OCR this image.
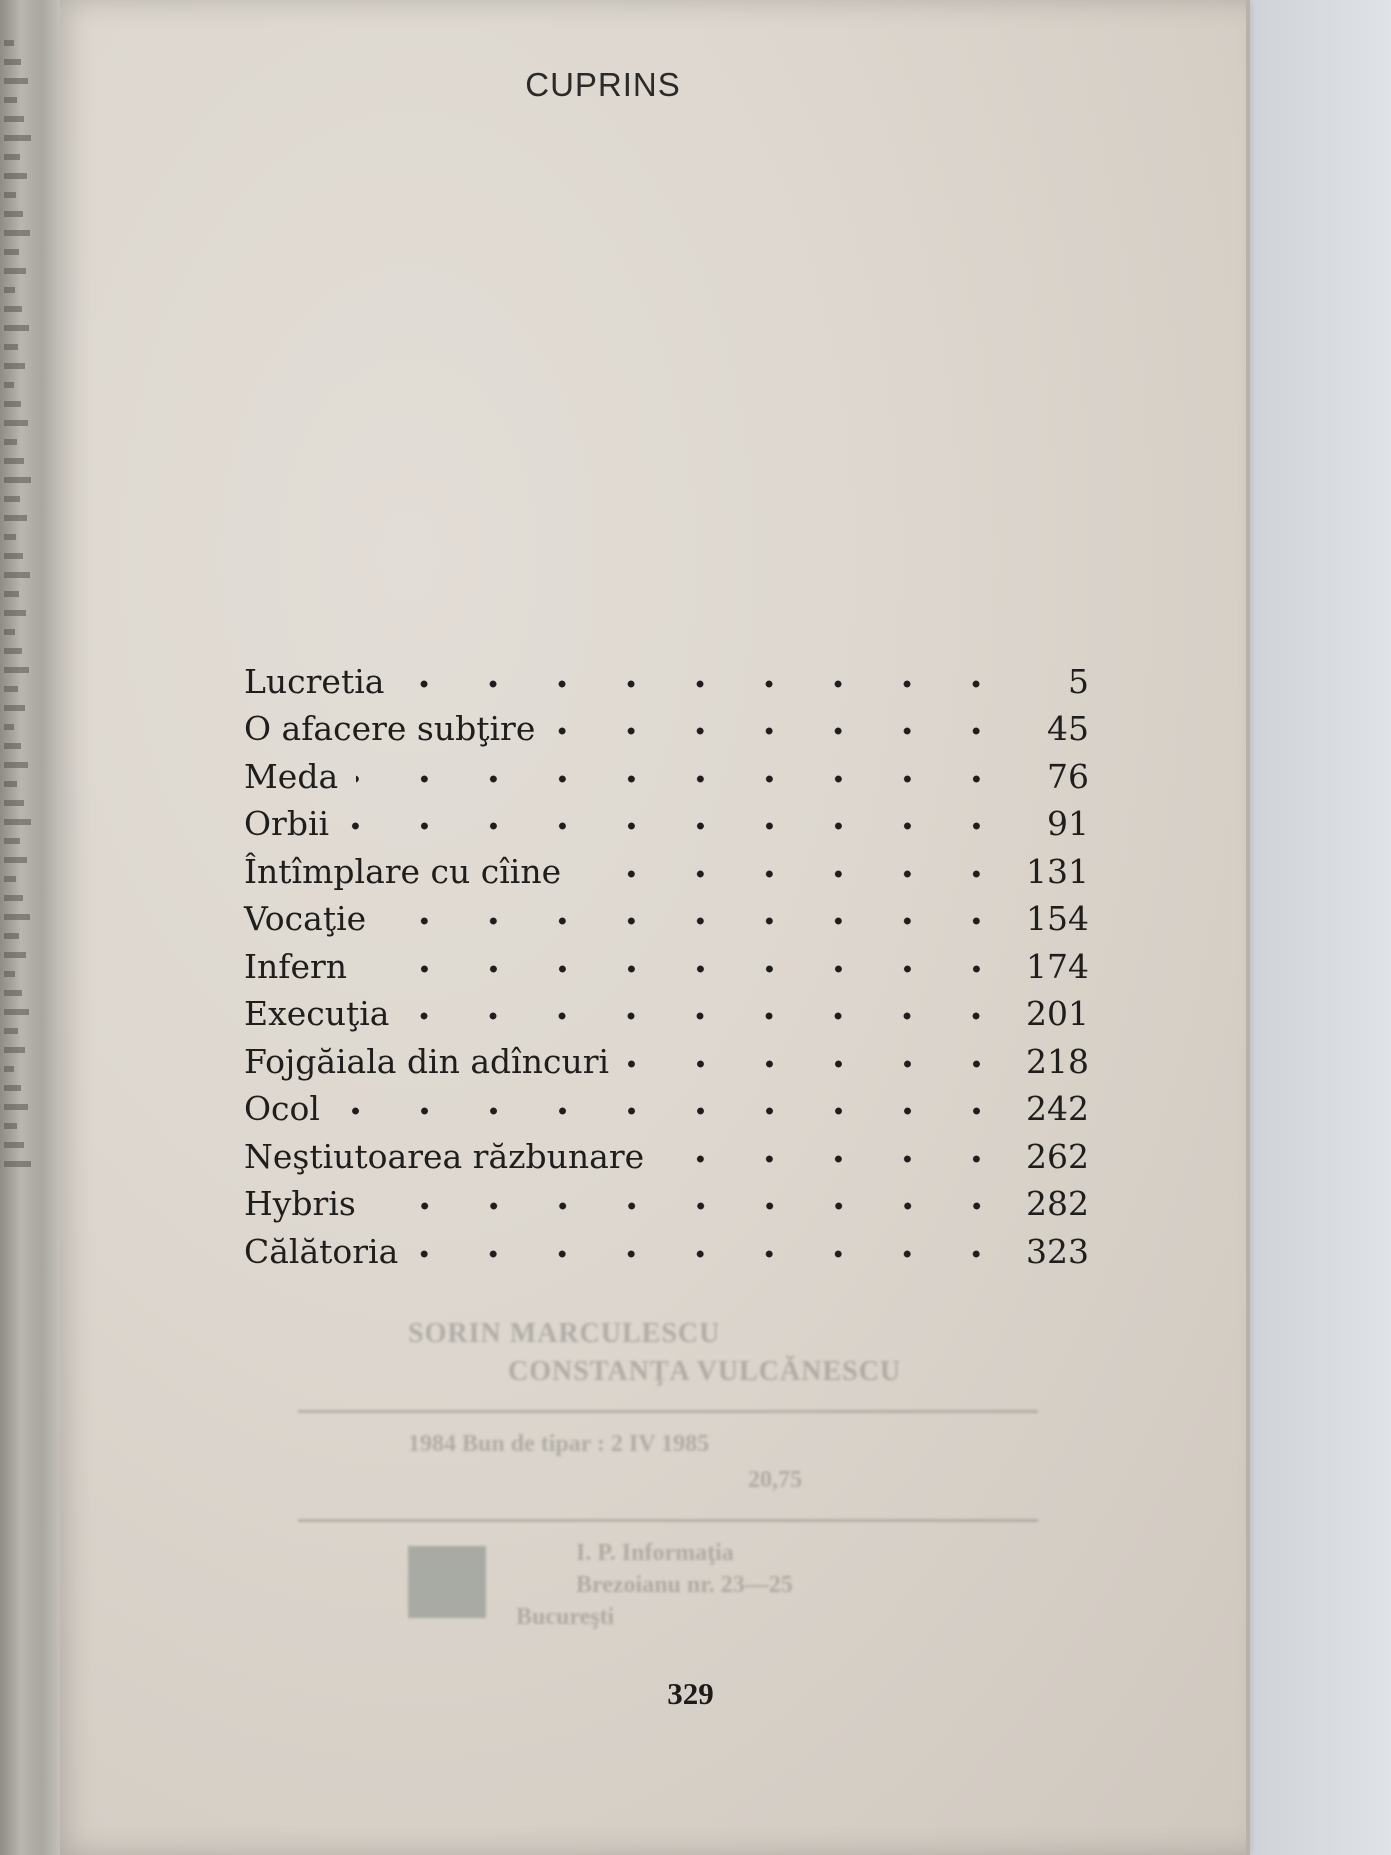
CUPRINS
Lucretia	5
O afacere subţire	45
Meda	76
Orbii	91
Întîmplare cu cîine	131
Vocaţie	154
Infern	174
Execuţia	201
Fojgăiala din adîncuri	218
Ocol	242
Neştiutoarea răzbunare	262
Hybris	282
Călătoria	323
SORIN MARCULESCU
CONSTANŢA VULCĂNESCU
1984 Bun de tipar : 2 IV 1985
20,75
I. P. Informaţia
Brezoianu nr. 23—25
Bucureşti
329
